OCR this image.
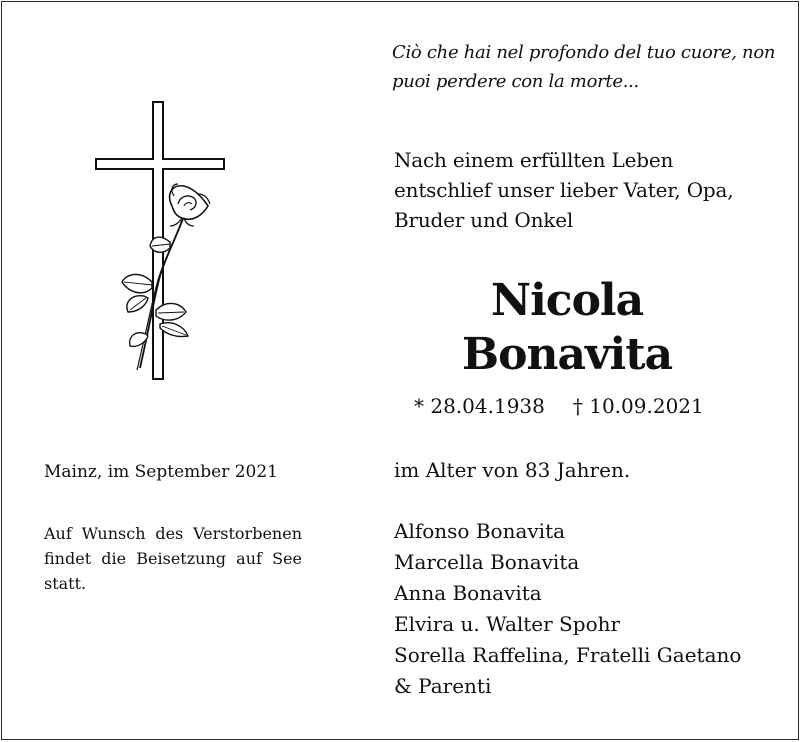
Ciò che hai nel profondo del tuo cuore, non
puoi perdere con la morte...
Nach einem erfüllten Leben
entschlief unser lieber Vater, Opa,
Bruder und Onkel
Nicola
Bonavita
* 28.04.1938 † 10.09.2021
im Alter von 83 Jahren.
Alfonso Bonavita
Marcella Bonavita
Anna Bonavita
Elvira u. Walter Spohr
Sorella Raffelina, Fratelli Gaetano
& Parenti
Mainz, im September 2021
Auf Wunsch des Verstorbenen
findet die Beisetzung auf See
statt.
